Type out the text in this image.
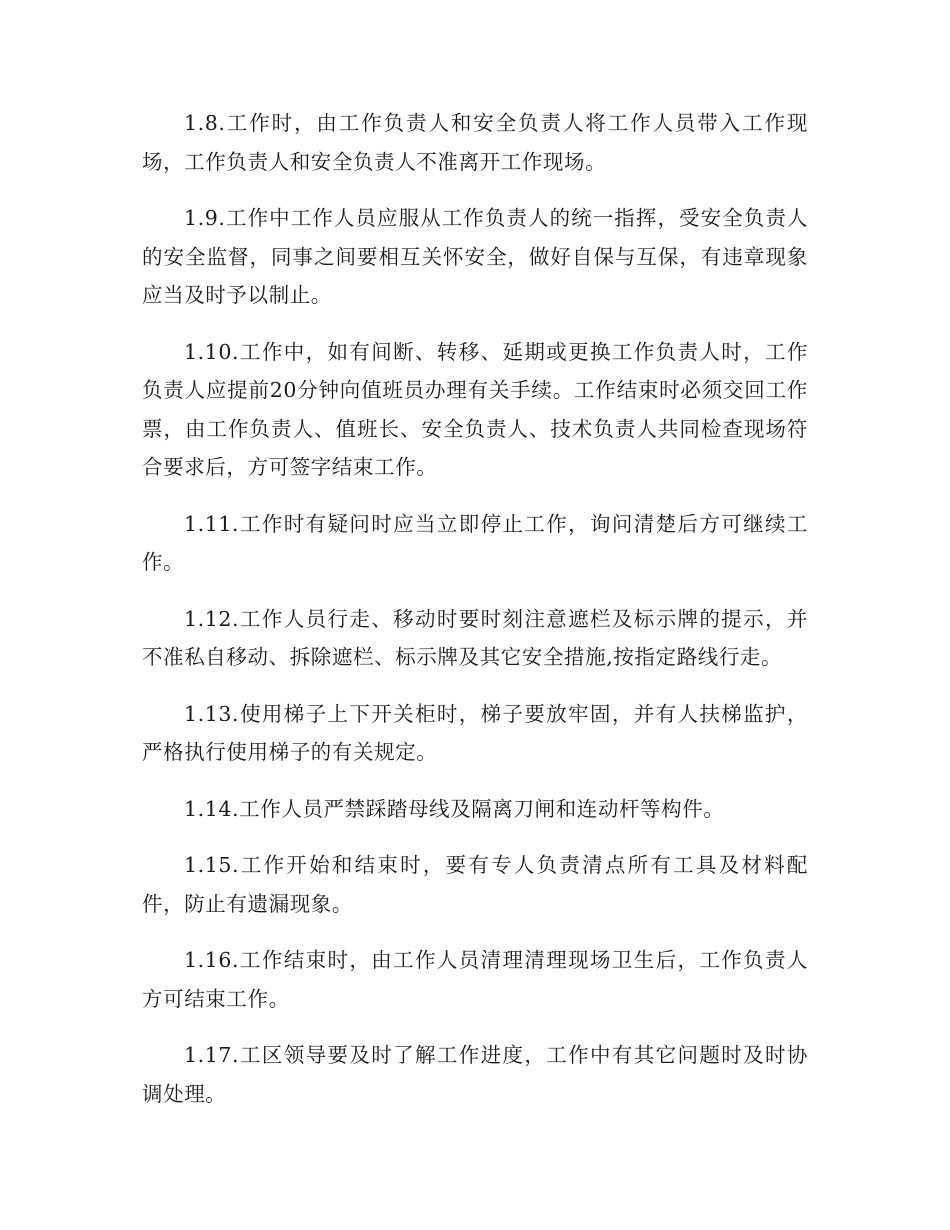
1.8.工作时，由工作负责人和安全负责人将工作人员带入工作现场，工作负责人和安全负责人不准离开工作现场。

1.9.工作中工作人员应服从工作负责人的统一指挥，受安全负责人的安全监督，同事之间要相互关怀安全，做好自保与互保，有违章现象应当及时予以制止。

1.10.工作中，如有间断、转移、延期或更换工作负责人时，工作负责人应提前20分钟向值班员办理有关手续。工作结束时必须交回工作票，由工作负责人、值班长、安全负责人、技术负责人共同检查现场符合要求后，方可签字结束工作。

1.11.工作时有疑问时应当立即停止工作，询问清楚后方可继续工作。

1.12.工作人员行走、移动时要时刻注意遮栏及标示牌的提示，并不准私自移动、拆除遮栏、标示牌及其它安全措施,按指定路线行走。

1.13.使用梯子上下开关柜时，梯子要放牢固，并有人扶梯监护，严格执行使用梯子的有关规定。

1.14.工作人员严禁踩踏母线及隔离刀闸和连动杆等构件。

1.15.工作开始和结束时，要有专人负责清点所有工具及材料配件，防止有遗漏现象。

1.16.工作结束时，由工作人员清理清理现场卫生后，工作负责人方可结束工作。

1.17.工区领导要及时了解工作进度，工作中有其它问题时及时协调处理。
